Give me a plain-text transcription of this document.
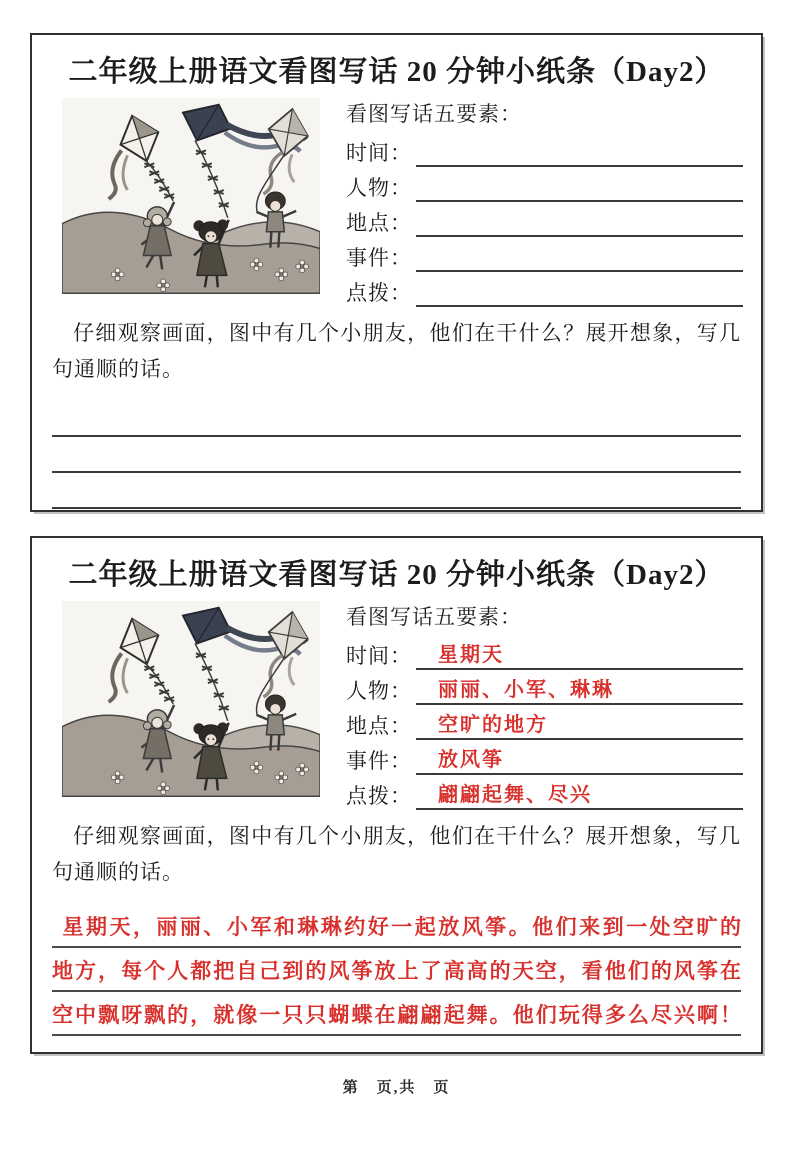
二年级上册语文看图写话 20 分钟小纸条（Day2）
看图写话五要素：
时间：
人物：
地点：
事件：
点拨：
仔细观察画面，图中有几个小朋友，他们在干什么？展开想象，写几句通顺的话。
二年级上册语文看图写话 20 分钟小纸条（Day2）
看图写话五要素：
时间：	星期天
人物：	丽丽、小军、琳琳
地点：	空旷的地方
事件：	放风筝
点拨：	翩翩起舞、尽兴
仔细观察画面，图中有几个小朋友，他们在干什么？展开想象，写几句通顺的话。
星期天，丽丽、小军和琳琳约好一起放风筝。他们来到一处空旷的
地方，每个人都把自己到的风筝放上了高高的天空，看他们的风筝在
空中飘呀飘的，就像一只只蝴蝶在翩翩起舞。他们玩得多么尽兴啊！
第　页,共　页
